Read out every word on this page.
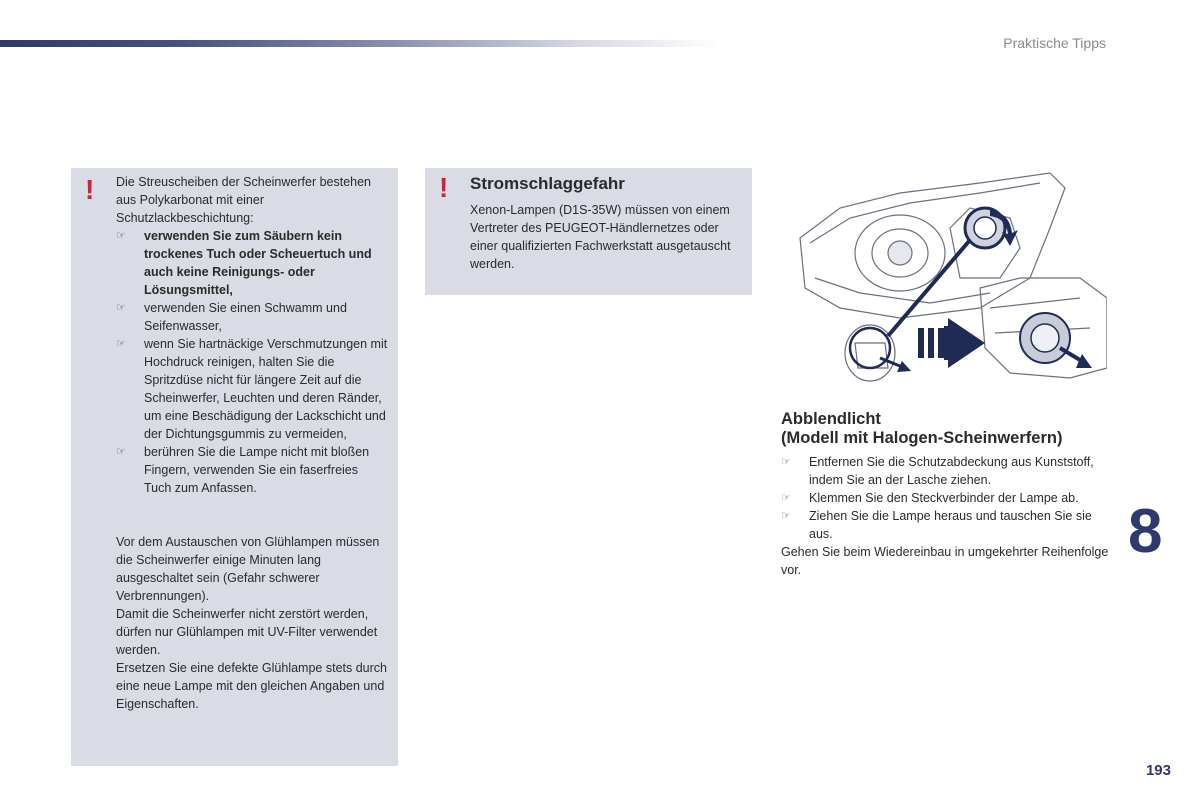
Praktische Tipps
! Die Streuscheiben der Scheinwerfer bestehen aus Polykarbonat mit einer Schutzlackbeschichtung:
☞ verwenden Sie zum Säubern kein trockenes Tuch oder Scheuertuch und auch keine Reinigungs- oder Lösungsmittel,
☞ verwenden Sie einen Schwamm und Seifenwasser,
☞ wenn Sie hartnäckige Verschmutzungen mit Hochdruck reinigen, halten Sie die Spritzdüse nicht für längere Zeit auf die Scheinwerfer, Leuchten und deren Ränder, um eine Beschädigung der Lackschicht und der Dichtungsgummis zu vermeiden,
☞ berühren Sie die Lampe nicht mit bloßen Fingern, verwenden Sie ein faserfreies Tuch zum Anfassen.
Vor dem Austauschen von Glühlampen müssen die Scheinwerfer einige Minuten lang ausgeschaltet sein (Gefahr schwerer Verbrennungen).
Damit die Scheinwerfer nicht zerstört werden, dürfen nur Glühlampen mit UV-Filter verwendet werden.
Ersetzen Sie eine defekte Glühlampe stets durch eine neue Lampe mit den gleichen Angaben und Eigenschaften.
! Stromschlaggefahr
Xenon-Lampen (D1S-35W) müssen von einem Vertreter des PEUGEOT-Händlernetzes oder einer qualifizierten Fachwerkstatt ausgetauscht werden.
Abblendlicht
(Modell mit Halogen-Scheinwerfern)
☞ Entfernen Sie die Schutzabdeckung aus Kunststoff, indem Sie an der Lasche ziehen.
☞ Klemmen Sie den Steckverbinder der Lampe ab.
☞ Ziehen Sie die Lampe heraus und tauschen Sie sie aus.
Gehen Sie beim Wiedereinbau in umgekehrter Reihenfolge vor.
8
193
